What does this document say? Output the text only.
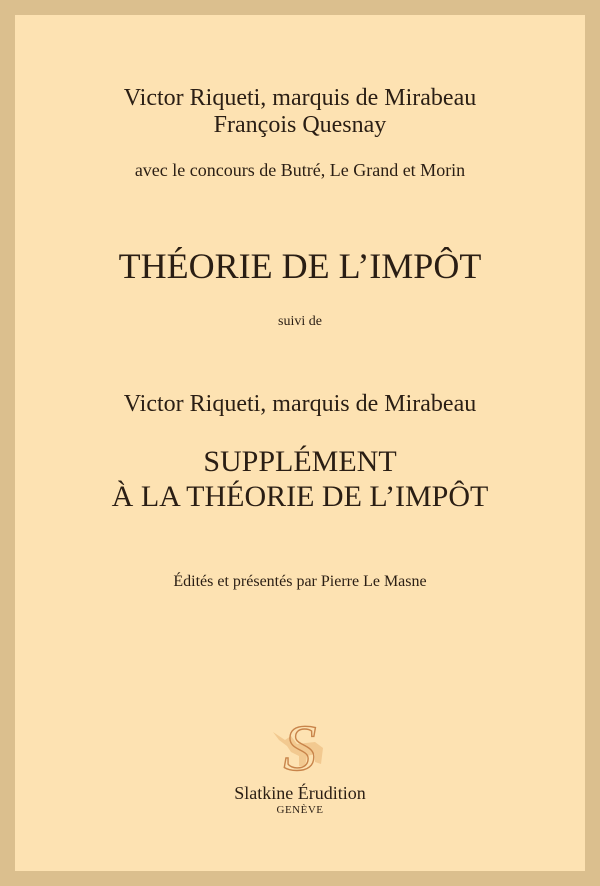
Victor Riqueti, marquis de Mirabeau
François Quesnay
avec le concours de Butré, Le Grand et Morin
THÉORIE DE L’IMPÔT
suivi de
Victor Riqueti, marquis de Mirabeau
SUPPLÉMENT
À LA THÉORIE DE L’IMPÔT
Édités et présentés par Pierre Le Masne
S
Slatkine Érudition
GENÈVE
